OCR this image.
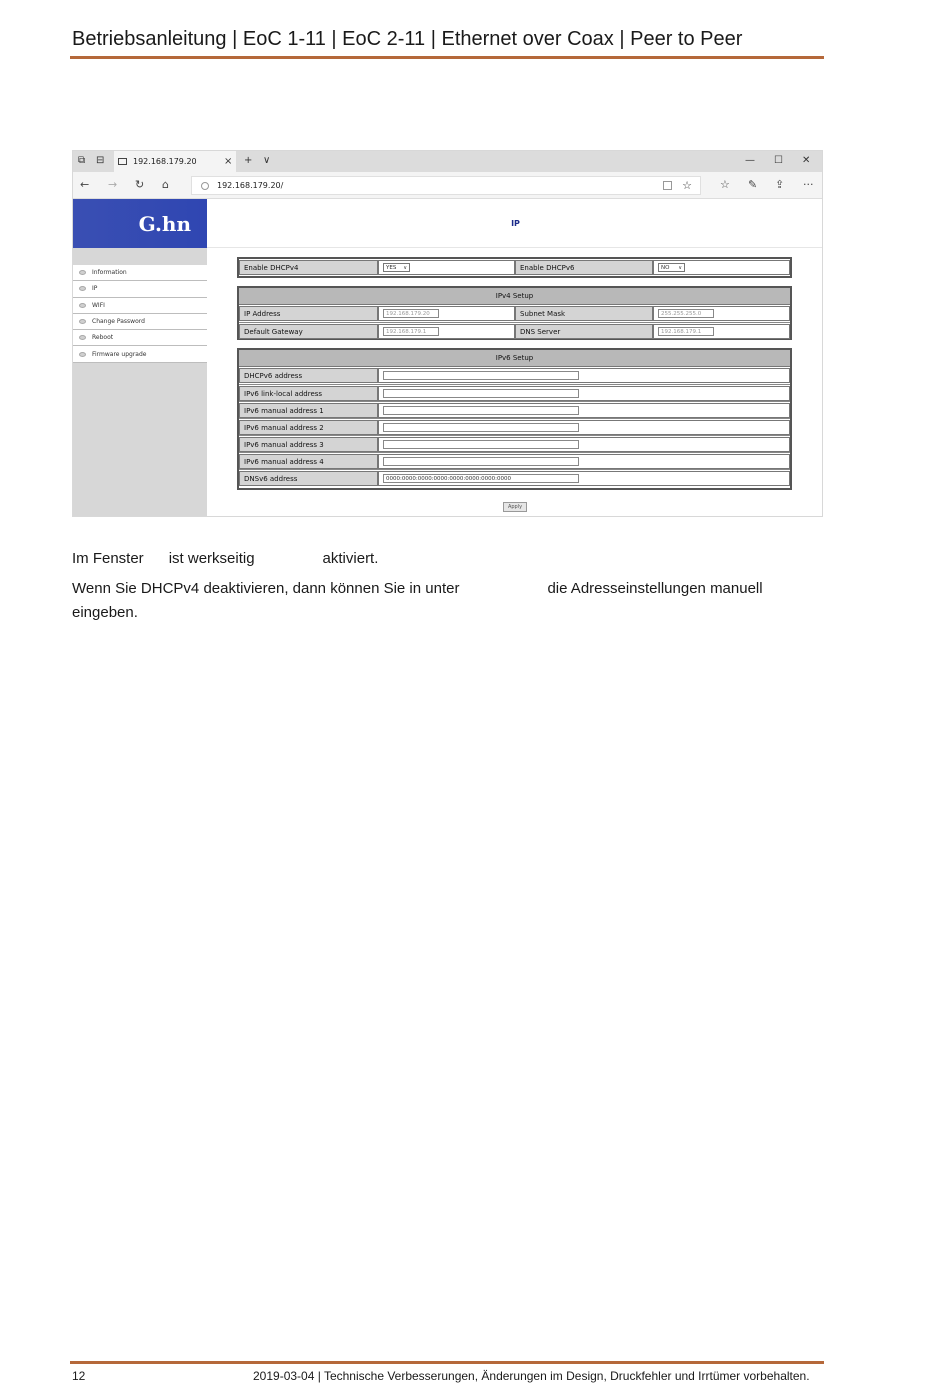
Betriebsanleitung | EoC 1-11 | EoC 2-11 | Ethernet over Coax | Peer to Peer
⧉ ⊟	192.168.179.20	×	+ ∨	— ☐ ✕
← → ↻ ⌂	192.168.179.20/	☆	☆ ✎ ⇪ ···
G.hn
Information
IP
WIFI
Change Password
Reboot
Firmware upgrade
IP
Enable DHCPv4	YES ∨	Enable DHCPv6	NO ∨
IPv4 Setup
IP Address	192.168.179.20	Subnet Mask	255.255.255.0
Default Gateway	192.168.179.1	DNS Server	192.168.179.1
IPv6 Setup
DHCPv6 address
IPv6 link-local address
IPv6 manual address 1
IPv6 manual address 2
IPv6 manual address 3
IPv6 manual address 4
DNSv6 address	0000:0000:0000:0000:0000:0000:0000:0000
Apply
Im Fenster ist werkseitig	aktiviert.
Wenn Sie DHCPv4 deaktivieren, dann können Sie in unter	die Adresseinstellungen manuell
eingeben.
12	2019-03-04 | Technische Verbesserungen, Änderungen im Design, Druckfehler und Irrtümer vorbehalten.
